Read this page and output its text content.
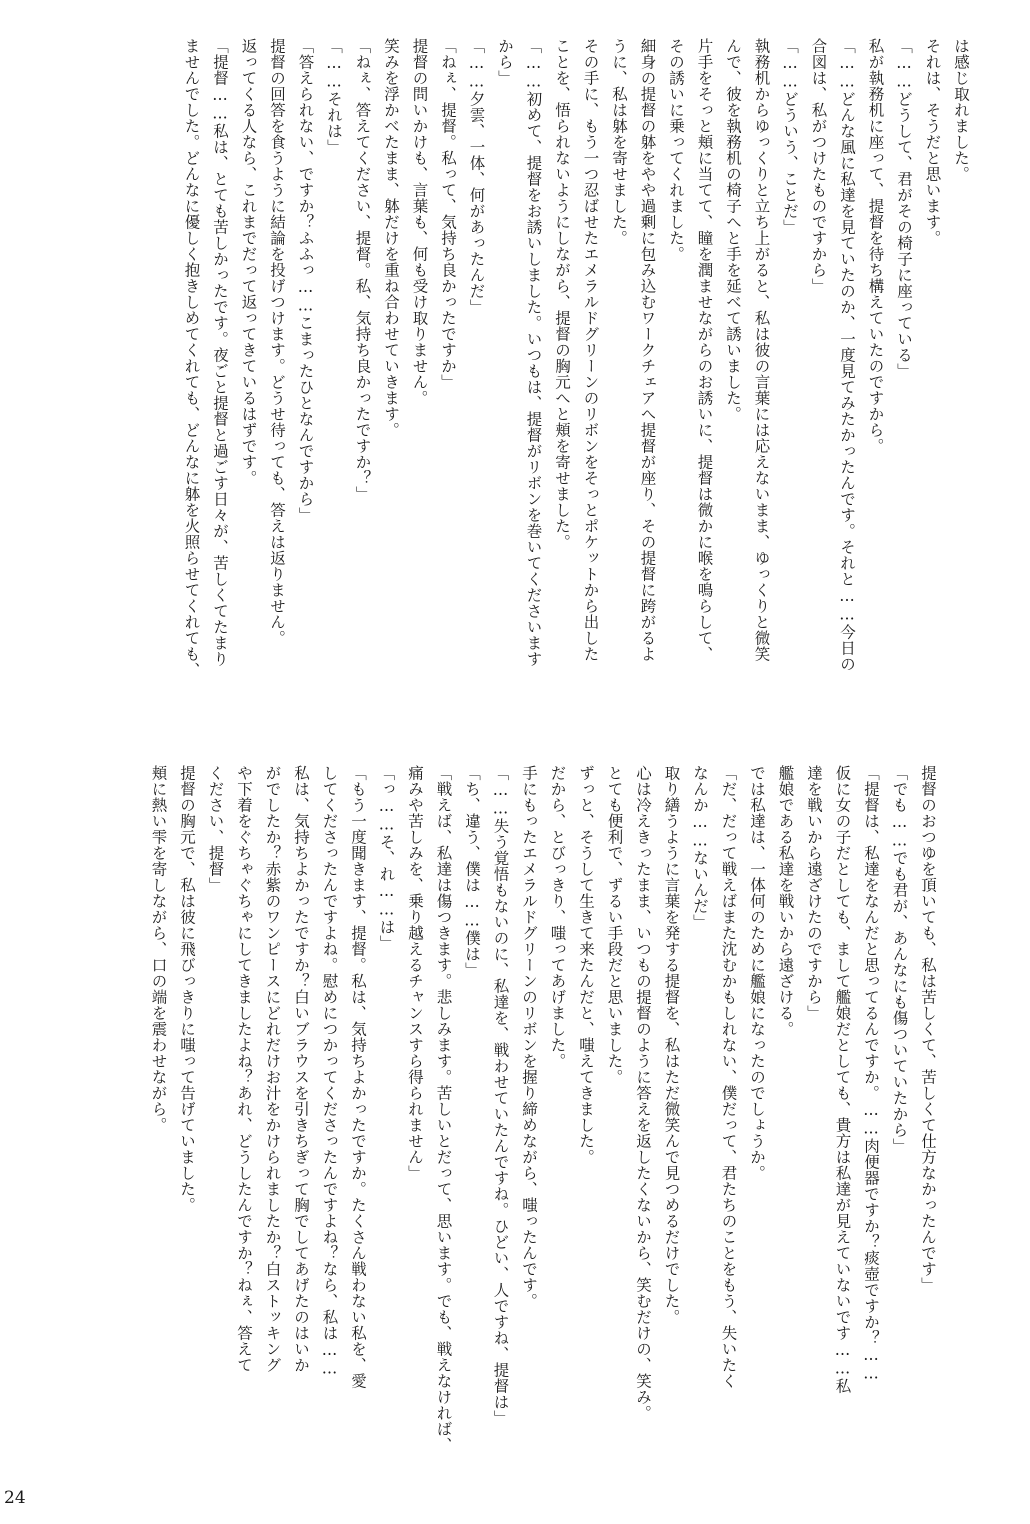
は感じ取れました。
それは、そうだと思います。
「……どうして、君がその椅子に座っている」
私が執務机に座って、提督を待ち構えていたのですから。
「……どんな風に私達を見ていたのか、一度見てみたかったんです。それと……今日の
合図は、私がつけたものですから」
「……どういう、ことだ」
執務机からゆっくりと立ち上がると、私は彼の言葉には応えないまま、ゆっくりと微笑
んで、彼を執務机の椅子へと手を延べて誘いました。
片手をそっと頬に当てて、瞳を潤ませながらのお誘いに、提督は微かに喉を鳴らして、
その誘いに乗ってくれました。
細身の提督の躰をやや過剰に包み込むワークチェアへ提督が座り、その提督に跨がるよ
うに、私は躰を寄せました。
その手に、もう一つ忍ばせたエメラルドグリーンのリボンをそっとポケットから出した
ことを、悟られないようにしながら、提督の胸元へと頬を寄せました。
「……初めて、提督をお誘いしました。いつもは、提督がリボンを巻いてくださいます
から」
「……夕雲、一体、何があったんだ」
「ねぇ、提督。私って、気持ち良かったですか」
提督の問いかけも、言葉も、何も受け取りません。
笑みを浮かべたまま、躰だけを重ね合わせていきます。
「ねぇ、答えてください、提督。私、気持ち良かったですか？」
「……それは」
「答えられない、ですか？ふふっ……こまったひとなんですから」
提督の回答を食うように結論を投げつけます。どうせ待っても、答えは返りません。
返ってくる人なら、これまでだって返ってきているはずです。
「提督……私は、とても苦しかったです。夜ごと提督と過ごす日々が、苦しくてたまり
ませんでした。どんなに優しく抱きしめてくれても、どんなに躰を火照らせてくれても、
提督のおつゆを頂いても、私は苦しくて、苦しくて仕方なかったんです」
「でも……でも君が、あんなにも傷ついていたから」
「提督は、私達をなんだと思ってるんですか。……肉便器ですか？痰壺ですか？……
仮に女の子だとしても、まして艦娘だとしても、貴方は私達が見えていないです……私
達を戦いから遠ざけたのですから」
艦娘である私達を戦いから遠ざける。
では私達は、一体何のために艦娘になったのでしょうか。
「だ、だって戦えばまた沈むかもしれない、僕だって、君たちのことをもう、失いたく
なんか……ないんだ」
取り繕うように言葉を発する提督を、私はただ微笑んで見つめるだけでした。
心は冷えきったまま、いつもの提督のように答えを返したくないから、笑むだけの、笑み。
とても便利で、ずるい手段だと思いました。
ずっと、そうして生きて来たんだと、嗤えてきました。
だから、とびっきり、嗤ってあげました。
手にもったエメラルドグリーンのリボンを握り締めながら、嗤ったんです。
「……失う覚悟もないのに、私達を、戦わせていたんですね。ひどい、人ですね、提督は」
「ち、違う、僕は……僕は」
「戦えば、私達は傷つきます。悲しみます。苦しいとだって、思います。でも、戦えなければ、
痛みや苦しみを、乗り越えるチャンスすら得られません」
「っ……そ、れ……は」
「もう一度聞きます、提督。私は、気持ちよかったですか。たくさん戦わない私を、愛
してくださったんですよね。慰めにつかってくださったんですよね？なら、私は……
私は、気持ちよかったですか？白いブラウスを引きちぎって胸でしてあげたのはいか
がでしたか？赤紫のワンピースにどれだけお汁をかけられましたか？白ストッキング
や下着をぐちゃぐちゃにしてきましたよね？あれ、どうしたんですか？ねぇ、答えて
ください、提督」
提督の胸元で、私は彼に飛びっきりに嗤って告げていました。
頬に熱い雫を寄しながら、口の端を震わせながら。
24
